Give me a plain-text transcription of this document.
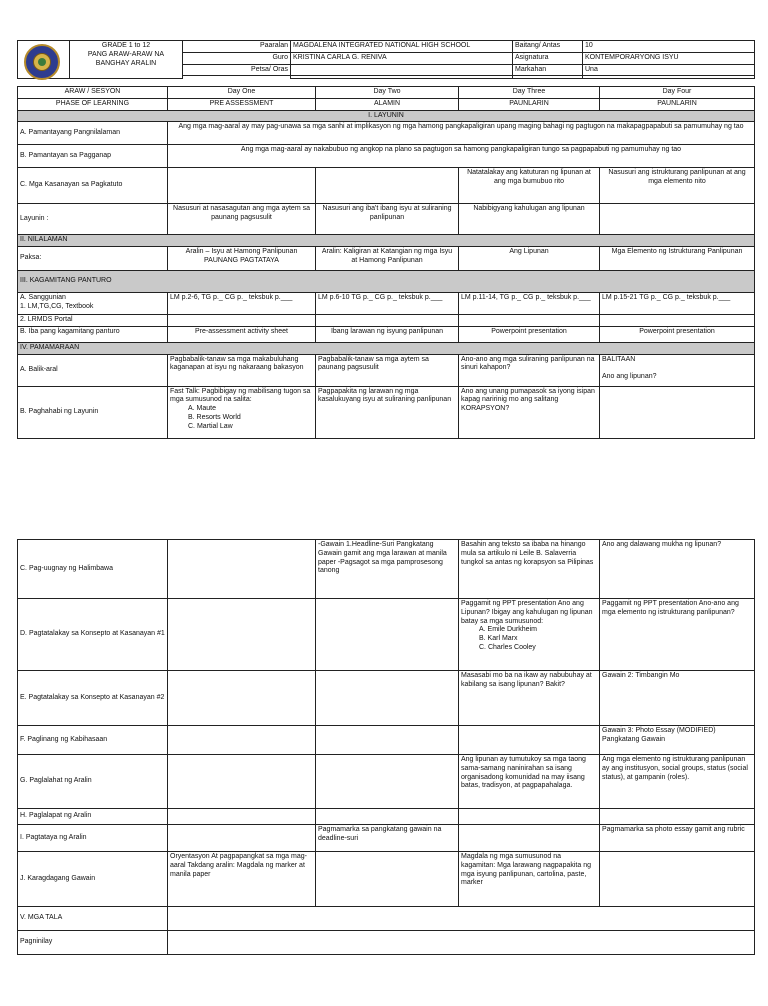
	GRADE 1 to 12
PANG ARAW-ARAW NA
BANGHAY ARALIN	Paaralan	MAGDALENA INTEGRATED NATIONAL HIGH SCHOOL	Baitang/ Antas	10
		Guro	KRISTINA CARLA G. RENIVA	Asignatura	KONTEMPORARYONG ISYU
		Petsa/ Oras		Markahan	Una

ARAW / SESYON	Day One	Day Two	Day Three	Day Four
PHASE OF LEARNING	PRE ASSESSMENT	ALAMIN	PAUNLARIN	PAUNLARIN
I. LAYUNIN				
A. Pamantayang Pangnilalaman	Ang mga mag-aaral ay may pag-unawa sa mga sanhi at implikasyon ng mga hamong pangkapaligiran upang maging bahagi ng pagtugon na makapagpapabuti sa pamumuhay ng tao			
B. Pamantayan sa Pagganap	Ang mga mag-aaral ay nakabubuo ng angkop na plano sa pagtugon sa hamong pangkapaligiran tungo sa pagpapabuti ng pamumuhay ng tao			
C. Mga Kasanayan sa Pagkatuto			Natatalakay ang katuturan ng lipunan at ang mga bumubuo rito	Nasusuri ang istrukturang panlipunan at ang mga elemento nito
Layunin :	Nasusuri at nasasagutan ang mga aytem sa paunang pagsusulit	Nasusuri ang iba't ibang isyu at suliraning panlipunan	Nabibigyang kahulugan ang lipunan	
II. NILALAMAN				
Paksa:	Aralin – Isyu at Hamong Panlipunan PAUNANG PAGTATAYA	Aralin: Kaligiran at Katangian ng mga Isyu at Hamong Panlipunan	Ang Lipunan	Mga Elemento ng Istrukturang Panlipunan
III. KAGAMITANG PANTURO				

A. Sanggunian
1. LM,TG,CG, Textbook	LM p.2-6, TG p._ CG p._ teksbuk p.___	LM p.6-10 TG p._ CG p._ teksbuk p.___	LM p.11-14, TG p._ CG p._ teksbuk p.___	LM p.15-21 TG p._ CG p._ teksbuk p.___
2. LRMDS Portal				
B. Iba pang kagamitang panturo	Pre-assessment activity sheet	Ibang larawan ng isyung panlipunan	Powerpoint presentation	Powerpoint presentation
IV. PAMAMARAAN				
A. Balik-aral	Pagbabalik-tanaw sa mga makabuluhang kaganapan at isyu ng nakaraang bakasyon	Pagbabalik-tanaw sa mga aytem sa paunang pagsusulit	Ano-ano ang mga suliraning panlipunan na sinuri kahapon?	BALITAAN

Ano ang lipunan?
B. Paghahabi ng Layunin	Fast Talk: Pagbibigay ng mabilisang tugon sa mga sumusunod na salita:
A. Maute
B. Resorts World
C. Martial Law	Pagpapakita ng larawan ng mga kasalukuyang isyu at suliraning panlipunan	Ano ang unang pumapasok sa iyong isipan kapag naririnig mo ang salitang KORAPSYON?	
C. Pag-uugnay ng Halimbawa		-Gawain 1.Headline-Suri Pangkatang Gawain gamit ang mga larawan at manila paper -Pagsagot sa mga pamprosesong tanong	Basahin ang teksto sa ibaba na hinango mula sa artikulo ni Leile B. Salaverria tungkol sa antas ng korapsyon sa Pilipinas	Ano ang dalawang mukha ng lipunan?
D. Pagtatalakay sa Konsepto at Kasanayan #1			Paggamit ng PPT presentation Ano ang Lipunan? Ibigay ang kahulugan ng lipunan batay sa mga sumusunod:
A. Emile Durkheim
B. Karl Marx
C. Charles Cooley	Paggamit ng PPT presentation Ano-ano ang mga elemento ng istrukturang panlipunan?
E. Pagtatalakay sa Konsepto at Kasanayan #2			Masasabi mo ba na ikaw ay nabubuhay at kabilang sa isang lipunan? Bakit?	Gawain 2: Timbangin Mo
F. Paglinang ng Kabihasaan				Gawain 3: Photo Essay (MODIFIED) Pangkatang Gawain
G. Paglalahat ng Aralin			Ang lipunan ay tumutukoy sa mga taong sama-samang naninirahan sa isang organisadong komunidad na may iisang batas, tradisyon, at pagpapahalaga.	Ang mga elemento ng istrukturang panlipunan ay ang institusyon, social groups, status (social status), at gampanin (roles).
H. Paglalapat ng Aralin				
I. Pagtataya ng Aralin		Pagmamarka sa pangkatang gawain na deadline-suri		Pagmamarka sa photo essay gamit ang rubric
J. Karagdagang Gawain	Oryentasyon At pagpapangkat sa mga mag-aaral Takdang aralin: Magdala ng marker at manila paper		Magdala ng mga sumusunod na kagamitan: Mga larawang nagpapakita ng mga isyung panlipunan, cartolina, paste, marker	
V. MGA TALA				
Pagninilay				
